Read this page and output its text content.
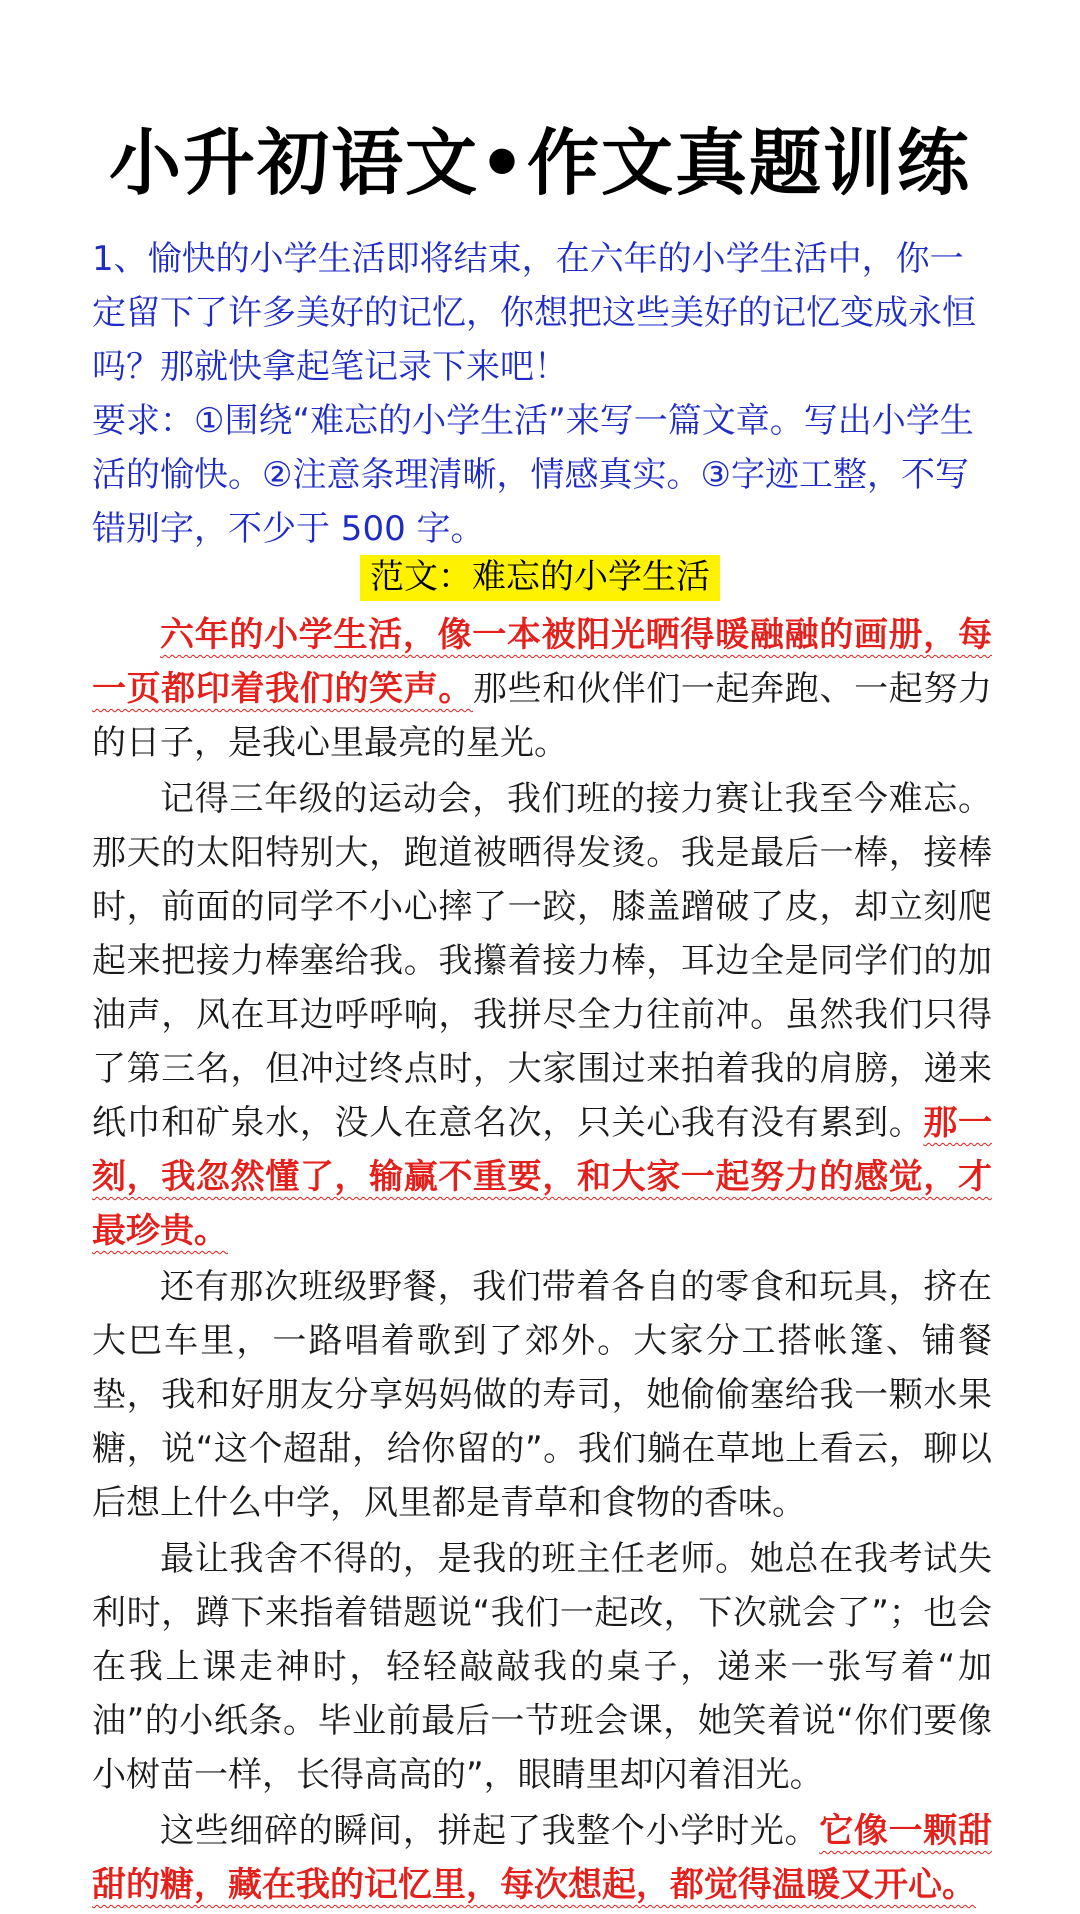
小升初语文•作文真题训练

1、愉快的小学生活即将结束，在六年的小学生活中，你一定留下了许多美好的记忆，你想把这些美好的记忆变成永恒吗？那就快拿起笔记录下来吧！

要求：①围绕“难忘的小学生活”来写一篇文章。写出小学生活的愉快。②注意条理清晰，情感真实。③字迹工整，不写错别字，不少于 500 字。

范文：难忘的小学生活

六年的小学生活，像一本被阳光晒得暖融融的画册，每一页都印着我们的笑声。那些和伙伴们一起奔跑、一起努力的日子，是我心里最亮的星光。

记得三年级的运动会，我们班的接力赛让我至今难忘。那天的太阳特别大，跑道被晒得发烫。我是最后一棒，接棒时，前面的同学不小心摔了一跤，膝盖蹭破了皮，却立刻爬起来把接力棒塞给我。我攥着接力棒，耳边全是同学们的加油声，风在耳边呼呼响，我拼尽全力往前冲。虽然我们只得了第三名，但冲过终点时，大家围过来拍着我的肩膀，递来纸巾和矿泉水，没人在意名次，只关心我有没有累到。那一刻，我忽然懂了，输赢不重要，和大家一起努力的感觉，才最珍贵。

还有那次班级野餐，我们带着各自的零食和玩具，挤在大巴车里，一路唱着歌到了郊外。大家分工搭帐篷、铺餐垫，我和好朋友分享妈妈做的寿司，她偷偷塞给我一颗水果糖，说“这个超甜，给你留的”。我们躺在草地上看云，聊以后想上什么中学，风里都是青草和食物的香味。

最让我舍不得的，是我的班主任老师。她总在我考试失利时，蹲下来指着错题说“我们一起改，下次就会了”；也会在我上课走神时，轻轻敲敲我的桌子，递来一张写着“加油”的小纸条。毕业前最后一节班会课，她笑着说“你们要像小树苗一样，长得高高的”，眼睛里却闪着泪光。

这些细碎的瞬间，拼起了我整个小学时光。它像一颗甜甜的糖，藏在我的记忆里，每次想起，都觉得温暖又开心。
